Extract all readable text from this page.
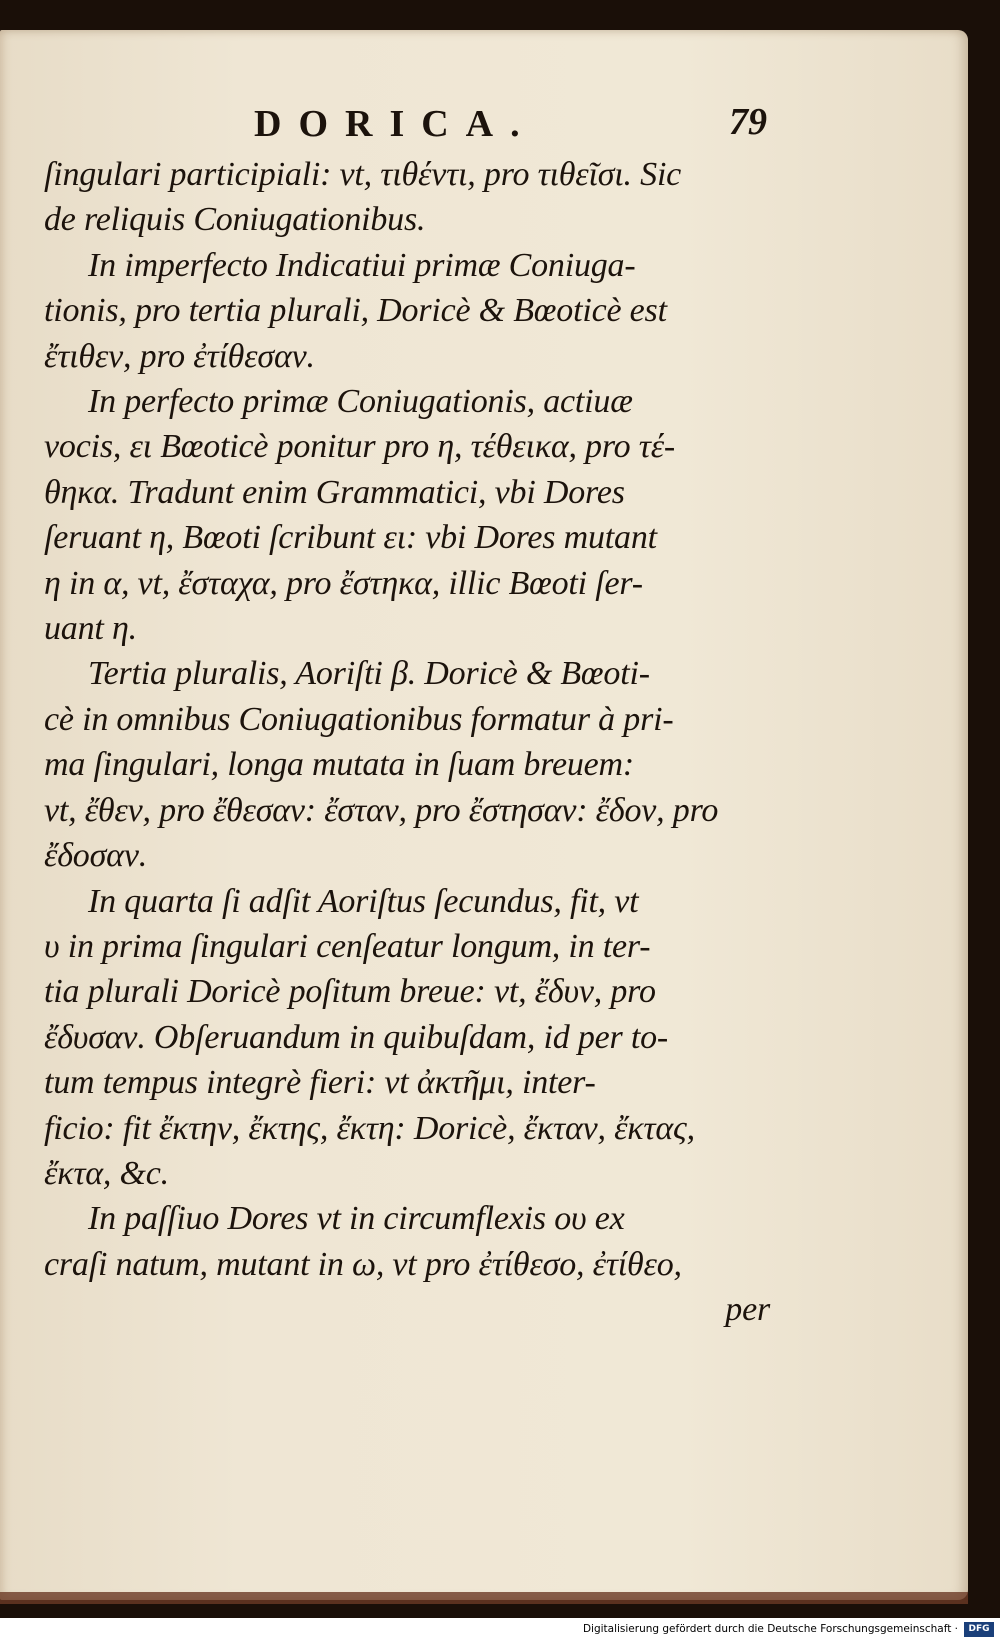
DORICA.	79
ſingulari participiali: vt, τιθέντι, pro τιθεῖσι. Sic
de reliquis Coniugationibus.
In imperfecto Indicatiui primæ Coniuga-
tionis, pro tertia plurali, Doricè & Bœoticè est
ἔτιθεν, pro ἐτίθεσαν.
In perfecto primæ Coniugationis, actiuæ
vocis, ει Bœoticè ponitur pro η, τέθεικα, pro τέ-
θηκα. Tradunt enim Grammatici, vbi Dores
ſeruant η, Bœoti ſcribunt ει: vbi Dores mutant
η in α, vt, ἔσταχα, pro ἔστηκα, illic Bœoti ſer-
uant η.
Tertia pluralis, Aoriſti β. Doricè & Bœoti-
cè in omnibus Coniugationibus formatur à pri-
ma ſingulari, longa mutata in ſuam breuem:
vt, ἔθεν, pro ἔθεσαν: ἔσταν, pro ἔστησαν: ἔδον, pro
ἔδοσαν.
In quarta ſi adſit Aoriſtus ſecundus, fit, vt
υ in prima ſingulari cenſeatur longum, in ter-
tia plurali Doricè poſitum breue: vt, ἔδυν, pro
ἔδυσαν. Obſeruandum in quibuſdam, id per to-
tum tempus integrè fieri: vt ἀκτῆμι, inter-
ficio: fit ἔκτην, ἔκτης, ἔκτη: Doricè, ἔκταν, ἔκτας,
ἔκτα, &c.
In paſſiuo Dores vt in circumflexis ου ex
craſi natum, mutant in ω, vt pro ἐτίθεσο, ἐτίθεο,
per
Digitalisierung gefördert durch die Deutsche Forschungsgemeinschaft ·	DFG
